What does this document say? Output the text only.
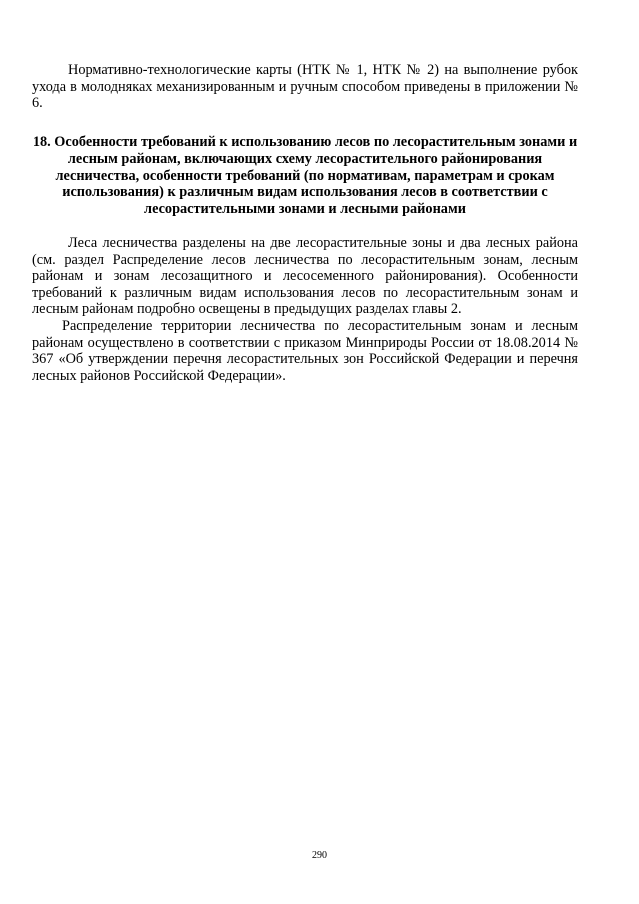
Нормативно-технологические карты (НТК № 1, НТК № 2) на выполнение рубок ухода в молодняках механизированным и ручным способом приведены в приложении № 6.

18. Особенности требований к использованию лесов по лесорастительным зонами и лесным районам, включающих схему лесорастительного районирования лесничества, особенности требований (по нормативам, параметрам и срокам использования) к различным видам использования лесов в соответствии с лесорастительными зонами и лесными районами

Леса лесничества разделены на две лесорастительные зоны и два лесных района (см. раздел Распределение лесов лесничества по лесорастительным зонам, лесным районам и зонам лесозащитного и лесосеменного районирования). Особенности требований к различным видам использования лесов по лесорастительным зонам и лесным районам подробно освещены в предыдущих разделах главы 2.

Распределение территории лесничества по лесорастительным зонам и лесным районам осуществлено в соответствии с приказом Минприроды России от 18.08.2014 № 367 «Об утверждении перечня лесорастительных зон Российской Федерации и перечня лесных районов Российской Федерации».

290
